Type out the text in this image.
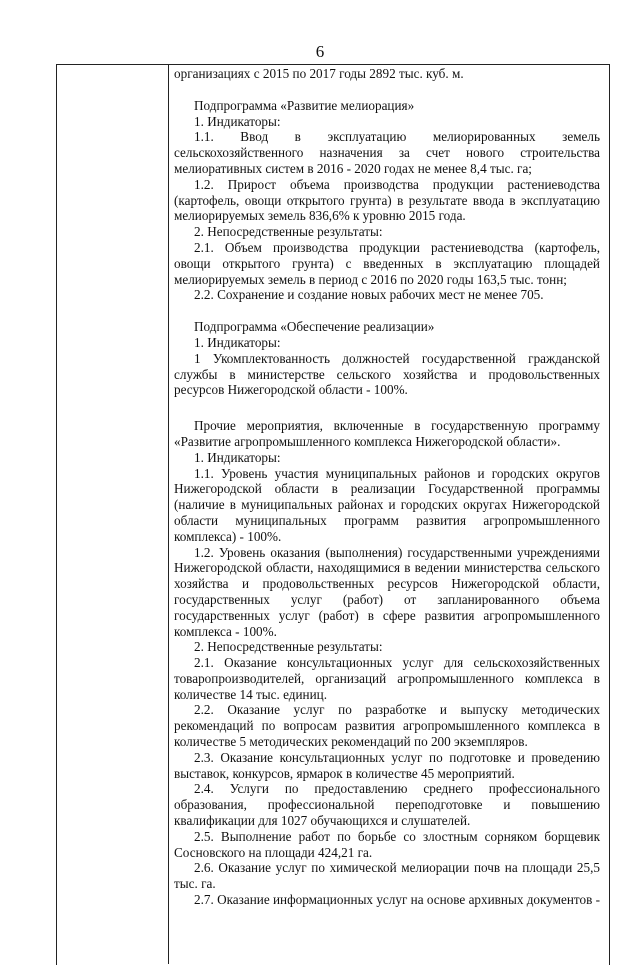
6

организациях с 2015 по 2017 годы 2892 тыс. куб. м.

Подпрограмма «Развитие мелиорация»

1. Индикаторы:

1.1. Ввод в эксплуатацию мелиорированных земель сельскохозяйственного назначения за счет нового строительства мелиоративных систем в 2016 - 2020 годах не менее 8,4 тыс. га;

1.2. Прирост объема производства продукции растениеводства (картофель, овощи открытого грунта) в результате ввода в эксплуатацию мелиорируемых земель 836,6% к уровню 2015 года.

2. Непосредственные результаты:

2.1. Объем производства продукции растениеводства (картофель, овощи открытого грунта) с введенных в эксплуатацию площадей мелиорируемых земель в период с 2016 по 2020 годы 163,5 тыс. тонн;

2.2. Сохранение и создание новых рабочих мест не менее 705.

Подпрограмма «Обеспечение реализации»

1. Индикаторы:

1 Укомплектованность должностей государственной гражданской службы в министерстве сельского хозяйства и продовольственных ресурсов Нижегородской области - 100%.

Прочие мероприятия, включенные в государственную программу «Развитие агропромышленного комплекса Нижегородской области».

1. Индикаторы:

1.1. Уровень участия муниципальных районов и городских округов Нижегородской области в реализации Государственной программы (наличие в муниципальных районах и городских округах Нижегородской области муниципальных программ развития агропромышленного комплекса) - 100%.

1.2. Уровень оказания (выполнения) государственными учреждениями Нижегородской области, находящимися в ведении министерства сельского хозяйства и продовольственных ресурсов Нижегородской области, государственных услуг (работ) от запланированного объема государственных услуг (работ) в сфере развития агропромышленного комплекса - 100%.

2. Непосредственные результаты:

2.1. Оказание консультационных услуг для сельскохозяйственных товаропроизводителей, организаций агропромышленного комплекса в количестве 14 тыс. единиц.

2.2. Оказание услуг по разработке и выпуску методических рекомендаций по вопросам развития агропромышленного комплекса в количестве 5 методических рекомендаций по 200 экземпляров.

2.3. Оказание консультационных услуг по подготовке и проведению выставок, конкурсов, ярмарок в количестве 45 мероприятий.

2.4. Услуги по предоставлению среднего профессионального образования, профессиональной переподготовке и повышению квалификации для 1027 обучающихся и слушателей.

2.5. Выполнение работ по борьбе со злостным сорняком борщевик Сосновского на площади 424,21 га.

2.6. Оказание услуг по химической мелиорации почв на площади 25,5 тыс. га.

2.7. Оказание информационных услуг на основе архивных документов -
